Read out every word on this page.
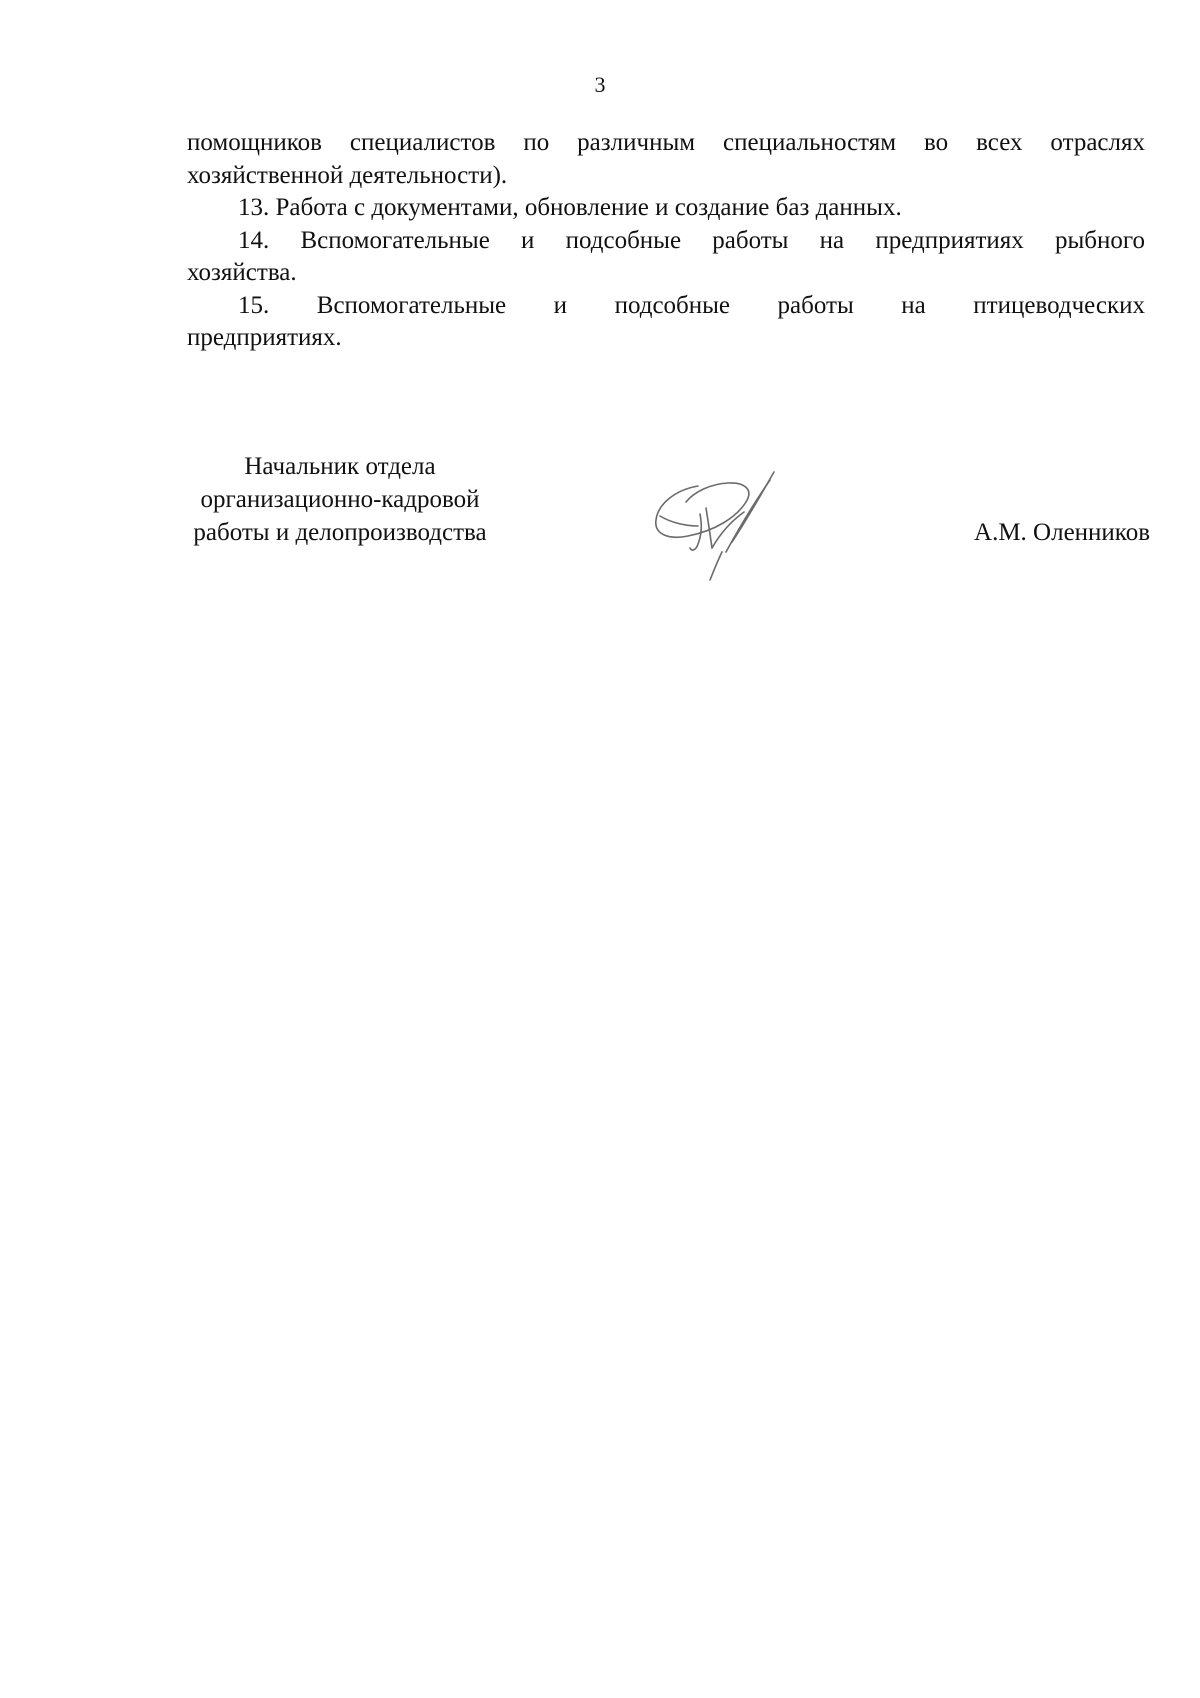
3

помощников специалистов по различным специальностям во всех отраслях

хозяйственной деятельности).

13. Работа с документами, обновление и создание баз данных.

14. Вспомогательные и подсобные работы на предприятиях рыбного

хозяйства.

15. Вспомогательные и подсобные работы на птицеводческих

предприятиях.

Начальник отдела
организационно-кадровой
работы и делопроизводства	А.М. Оленников
